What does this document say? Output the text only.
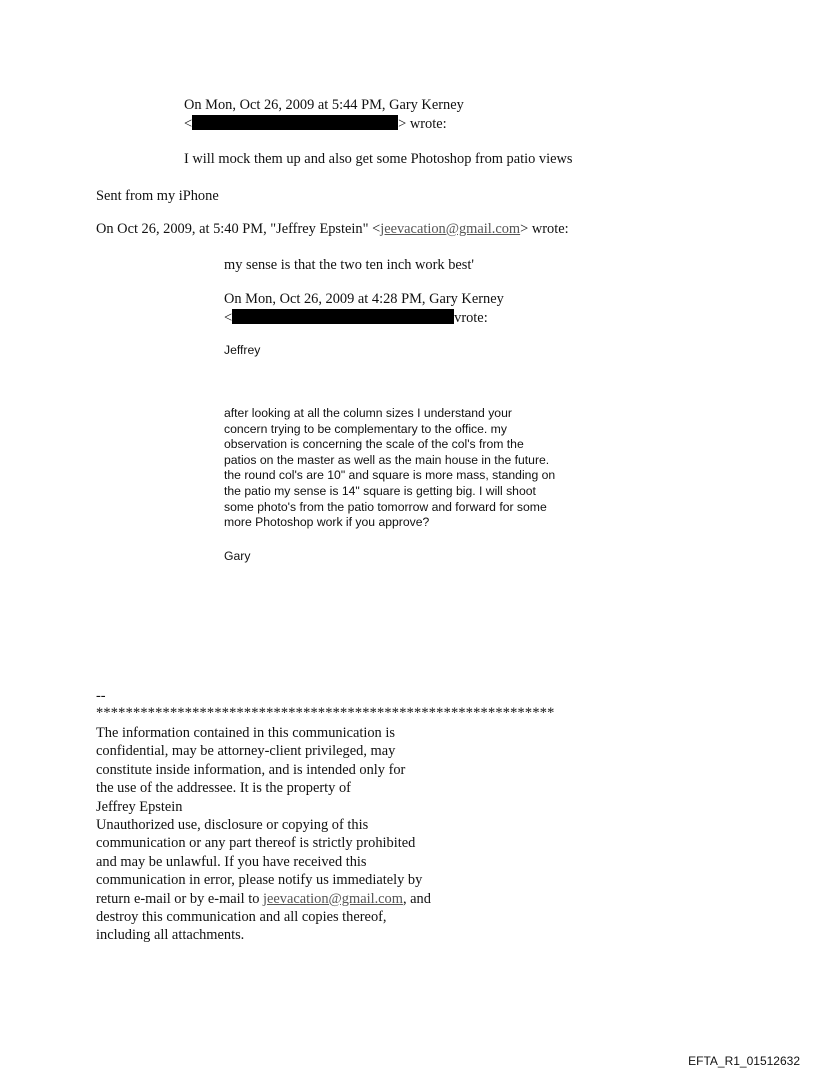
On Mon, Oct 26, 2009 at 5:44 PM, Gary Kerney
<	> wrote:
I will mock them up and also get some Photoshop from patio views
Sent from my iPhone
On Oct 26, 2009, at 5:40 PM, "Jeffrey Epstein" <jeevacation@gmail.com> wrote:
my sense is that the two ten inch work best'
On Mon, Oct 26, 2009 at 4:28 PM, Gary Kerney
<	vrote:
Jeffrey
after looking at all the column sizes I understand your
concern trying to be complementary to the office. my
observation is concerning the scale of the col's from the
patios on the master as well as the main house in the future.
the round col's are 10" and square is more mass, standing on
the patio my sense is 14" square is getting big. I will shoot
some photo's from the patio tomorrow and forward for some
more Photoshop work if you approve?
Gary
--
**************************************************************
The information contained in this communication is
confidential, may be attorney-client privileged, may
constitute inside information, and is intended only for
the use of the addressee. It is the property of
Jeffrey Epstein
Unauthorized use, disclosure or copying of this
communication or any part thereof is strictly prohibited
and may be unlawful. If you have received this
communication in error, please notify us immediately by
return e-mail or by e-mail to jeevacation@gmail.com, and
destroy this communication and all copies thereof,
including all attachments.
EFTA_R1_01512632
